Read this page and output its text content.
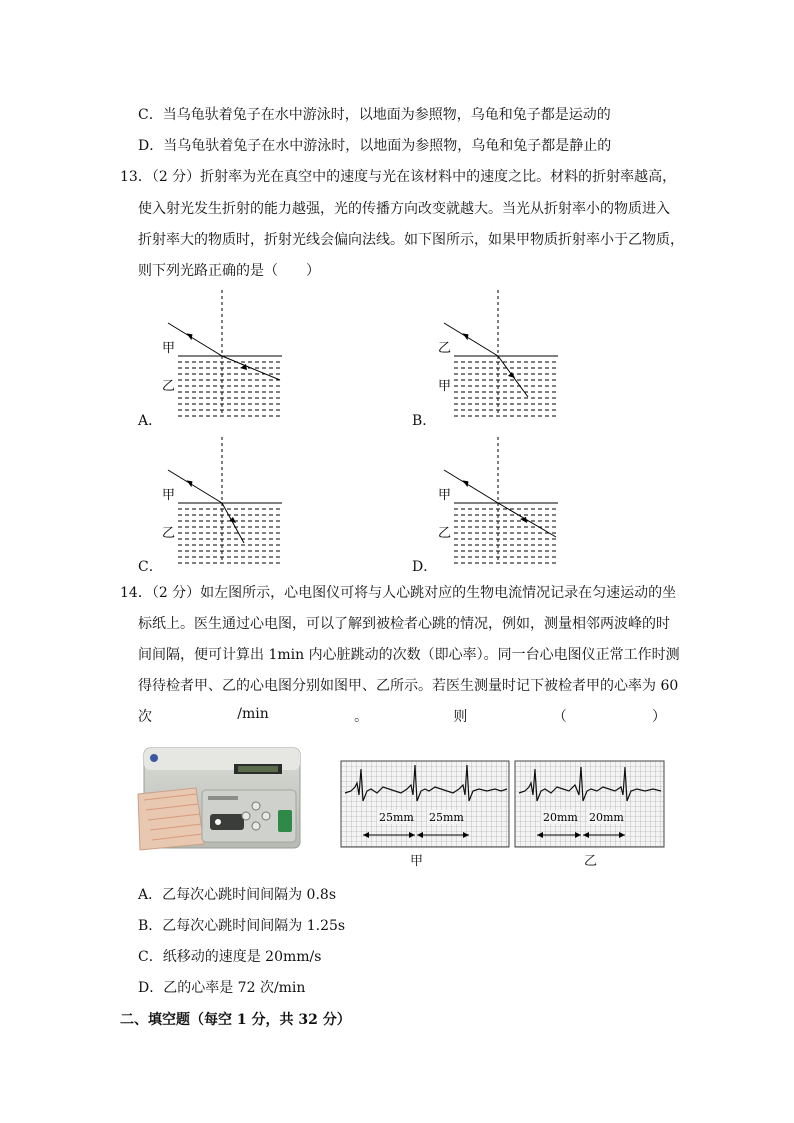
C．当乌龟驮着兔子在水中游泳时，以地面为参照物，乌龟和兔子都是运动的
D．当乌龟驮着兔子在水中游泳时，以地面为参照物，乌龟和兔子都是静止的
13．（2 分）折射率为光在真空中的速度与光在该材料中的速度之比。材料的折射率越高，
使入射光发生折射的能力越强，光的传播方向改变就越大。当光从折射率小的物质进入
折射率大的物质时，折射光线会偏向法线。如下图所示，如果甲物质折射率小于乙物质，
则下列光路正确的是（　　）
甲
乙
A．
乙
甲
B．
甲
乙
C．
甲
乙
D．
14．（2 分）如左图所示，心电图仪可将与人心跳对应的生物电流情况记录在匀速运动的坐
标纸上。医生通过心电图，可以了解到被检者心跳的情况，例如，测量相邻两波峰的时
间间隔，便可计算出 1min 内心脏跳动的次数（即心率）。同一台心电图仪正常工作时测
得待检者甲、乙的心电图分别如图甲、乙所示。若医生测量时记下被检者甲的心率为 60
次	/min	。	则	（	）
25mm 25mm
甲
20mm 20mm
乙
A．乙每次心跳时间间隔为 0.8s
B．乙每次心跳时间间隔为 1.25s
C．纸移动的速度是 20mm/s
D．乙的心率是 72 次/min
二、填空题（每空 1 分，共 32 分）
